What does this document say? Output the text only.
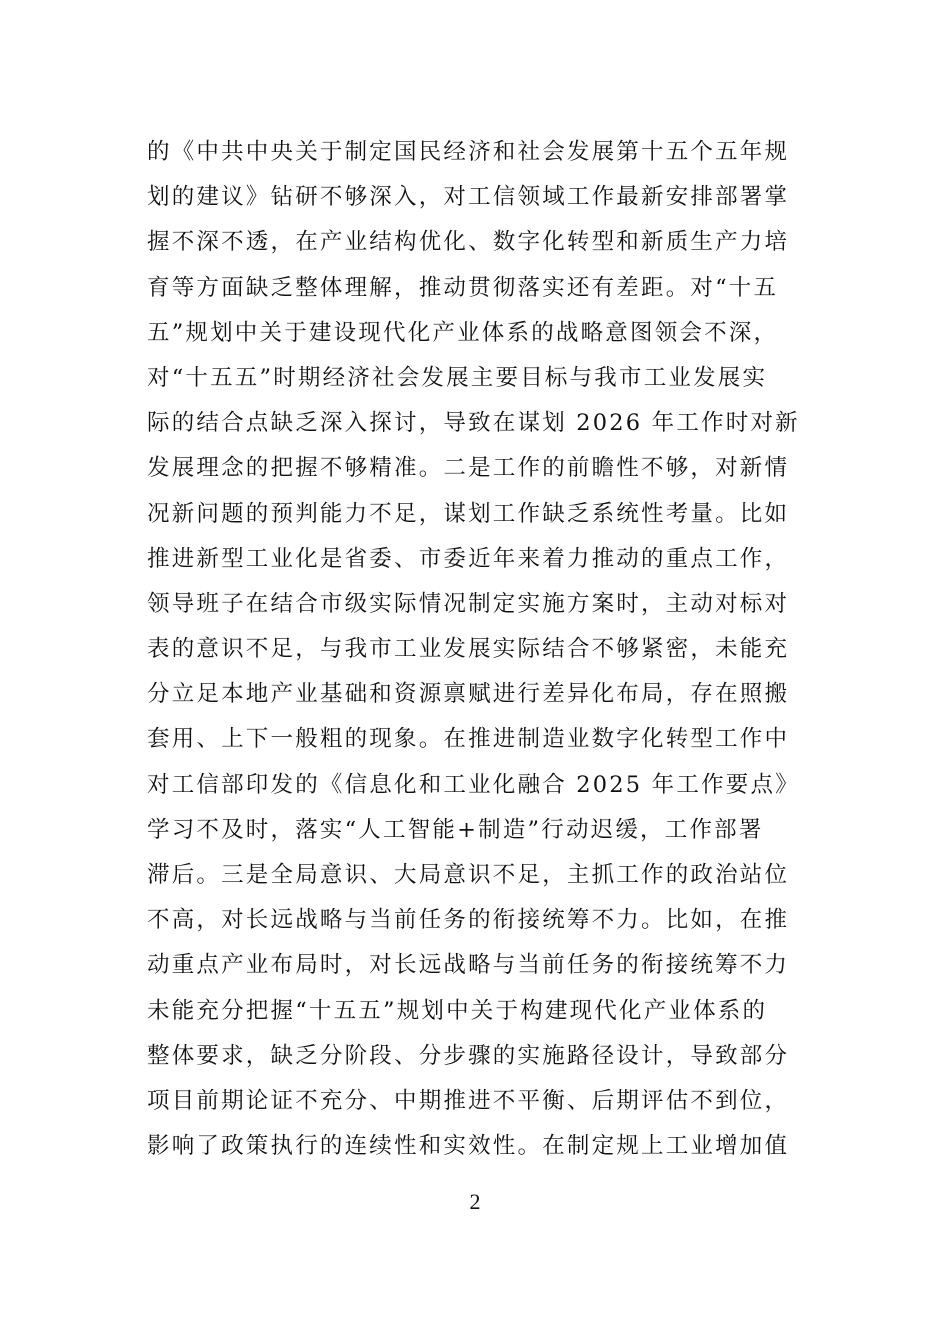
的《中共中央关于制定国民经济和社会发展第十五个五年规
划的建议》钻研不够深入，对工信领域工作最新安排部署掌
握不深不透，在产业结构优化、数字化转型和新质生产力培
育等方面缺乏整体理解，推动贯彻落实还有差距。对“十五
五”规划中关于建设现代化产业体系的战略意图领会不深，
对“十五五”时期经济社会发展主要目标与我市工业发展实
际的结合点缺乏深入探讨，导致在谋划 2026 年工作时对新
发展理念的把握不够精准。二是工作的前瞻性不够，对新情
况新问题的预判能力不足，谋划工作缺乏系统性考量。比如
推进新型工业化是省委、市委近年来着力推动的重点工作，
领导班子在结合市级实际情况制定实施方案时，主动对标对
表的意识不足，与我市工业发展实际结合不够紧密，未能充
分立足本地产业基础和资源禀赋进行差异化布局，存在照搬
套用、上下一般粗的现象。在推进制造业数字化转型工作中
对工信部印发的《信息化和工业化融合 2025 年工作要点》
学习不及时，落实“人工智能+制造”行动迟缓，工作部署
滞后。三是全局意识、大局意识不足，主抓工作的政治站位
不高，对长远战略与当前任务的衔接统筹不力。比如，在推
动重点产业布局时，对长远战略与当前任务的衔接统筹不力
未能充分把握“十五五”规划中关于构建现代化产业体系的
整体要求，缺乏分阶段、分步骤的实施路径设计，导致部分
项目前期论证不充分、中期推进不平衡、后期评估不到位，
影响了政策执行的连续性和实效性。在制定规上工业增加值
2
